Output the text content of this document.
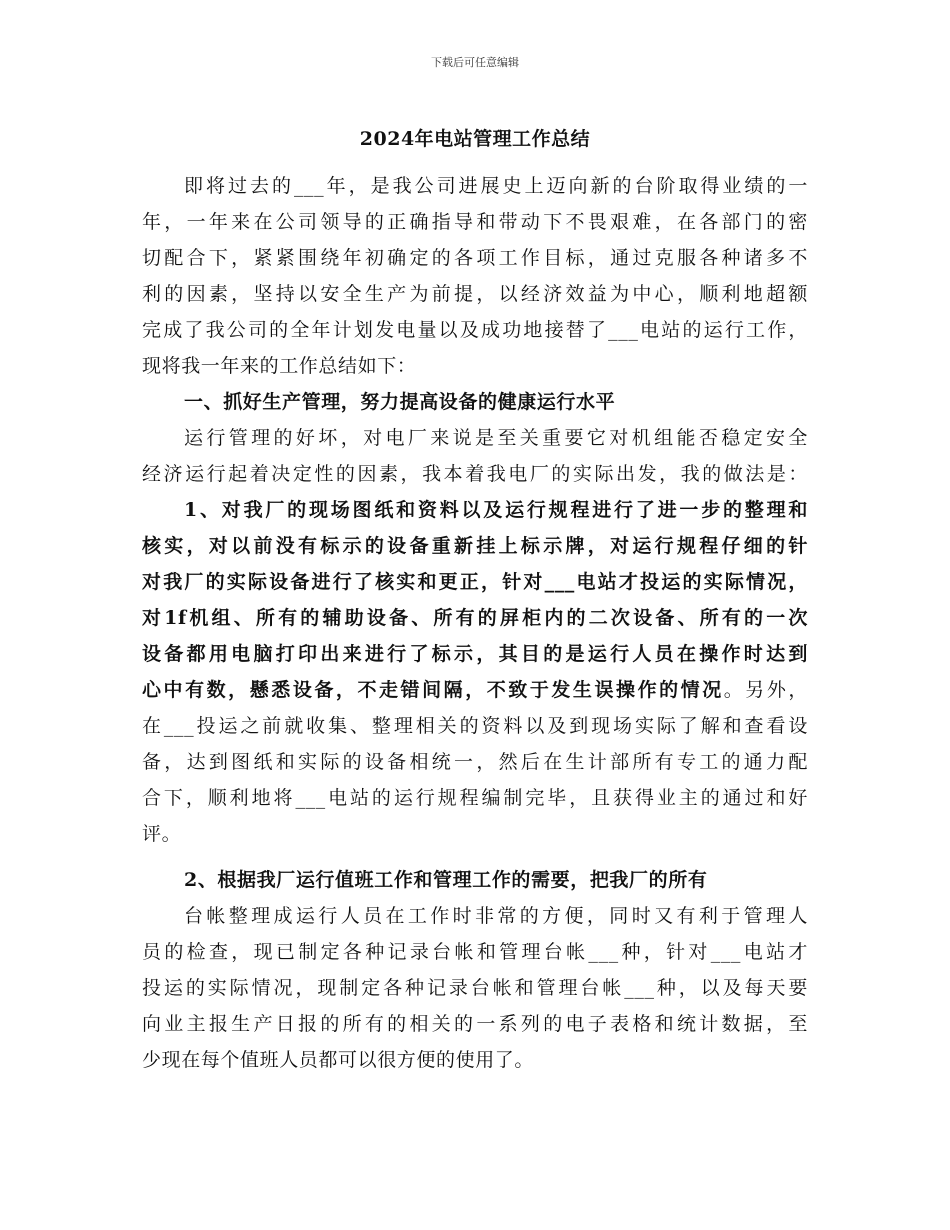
下载后可任意编辑
2024年电站管理工作总结
即将过去的___年，是我公司进展史上迈向新的台阶取得业绩的一
年，一年来在公司领导的正确指导和带动下不畏艰难，在各部门的密
切配合下，紧紧围绕年初确定的各项工作目标，通过克服各种诸多不
利的因素，坚持以安全生产为前提，以经济效益为中心，顺利地超额
完成了我公司的全年计划发电量以及成功地接替了___电站的运行工作，
现将我一年来的工作总结如下：
一、抓好生产管理，努力提高设备的健康运行水平
运行管理的好坏，对电厂来说是至关重要它对机组能否稳定安全
经济运行起着决定性的因素，我本着我电厂的实际出发，我的做法是：
1、对我厂的现场图纸和资料以及运行规程进行了进一步的整理和
核实，对以前没有标示的设备重新挂上标示牌，对运行规程仔细的针
对我厂的实际设备进行了核实和更正，针对___电站才投运的实际情况，
对1f机组、所有的辅助设备、所有的屏柜内的二次设备、所有的一次
设备都用电脑打印出来进行了标示，其目的是运行人员在操作时达到
心中有数，懸悉设备，不走错间隔，不致于发生误操作的情况。另外，
在___投运之前就收集、整理相关的资料以及到现场实际了解和查看设
备，达到图纸和实际的设备相统一，然后在生计部所有专工的通力配
合下，顺利地将___电站的运行规程编制完毕，且获得业主的通过和好
评。
2、根据我厂运行值班工作和管理工作的需要，把我厂的所有
台帐整理成运行人员在工作时非常的方便，同时又有利于管理人
员的检查，现已制定各种记录台帐和管理台帐___种，针对___电站才
投运的实际情况，现制定各种记录台帐和管理台帐___种，以及每天要
向业主报生产日报的所有的相关的一系列的电子表格和统计数据，至
少现在每个值班人员都可以很方便的使用了。
